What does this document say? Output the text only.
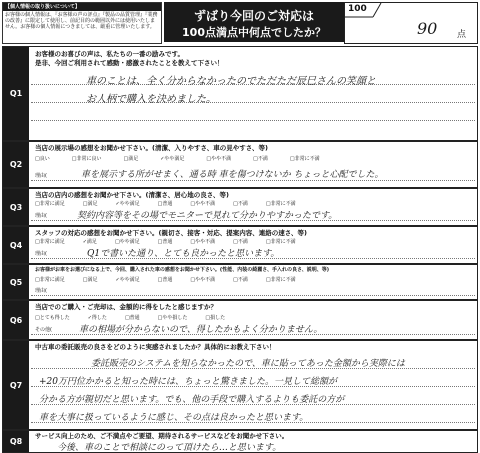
【個人情報の取り扱いについて】
お客様の個人情報は、『お客様の声の評点』『製品の品質管理』『業務の改善』に限定して使用し、前記目的の範囲以外には使用いたしません。お客様の個人情報につきましては、厳重に管理いたします。
ずばり今回のご対応は
100点満点中何点でしたか？
100
90 点
Q1
お客様のお喜びの声は、私たちの一番の励みです。
是非、今回ご利用されて感動・感激されたことを教えて下さい！
車のことは、全く分からなかったのでただただ辰巳さんの笑顔と
お人柄で購入を決めました。
Q2
当店の展示場の感想をお聞かせ下さい。(清潔、入りやすさ、車の見やすさ、等)
□良い	□非常に良い	□満足	✓やや満足	□やや不満	□不満	□非常に不満
理由(	車を展示する所がせまく、通る時 車を傷つけないか ちょっと心配でした。
Q3
当店の店内の感想をお聞かせ下さい。(清潔さ、居心地の良さ、等)
□非常に満足	□満足	✓やや満足	□普通	□やや不満	□不満	□非常に不満
理由(	契約内容等をその場でモニターで見れて分かりやすかったです。
Q4
スタッフの対応の感想をお聞かせ下さい。(親切さ、接客・対応、提案内容、連絡の速さ、等)
□非常に満足	✓満足	□やや満足	□普通	□やや不満	□不満	□非常に不満
理由(	Q1で書いた通り、とても良かったと思います。
Q5
お客様がお車をお選びになる上で、今回、購入された車の感想をお聞かせ下さい。(性能、内装の綺麗さ、手入れの良さ、説明、等)
□非常に満足	□満足	✓やや満足	□普通	□やや不満	□不満	□非常に不満
理由(
Q6
当店でのご購入・ご売却は、金額的に得をしたと感じますか？
□とても得した	✓得した	□普通	□やや損した	□損した
その他(	車の相場が分からないので、得したかもよく分かりません。
Q7
中古車の委託販売の良さをどのように実感されましたか？具体的にお教え下さい！
委託販売のシステムを知らなかったので、車に貼ってあった金額から実際には
+20万円位かかると知った時には、ちょっと驚きました。一見して総額が
分かる方が親切だと思います。でも、他の手段で購入するよりも委託の方が
車を大事に扱っているように感じ、その点は良かったと思います。
Q8
サービス向上のため、ご不満点やご要望、期待されるサービスなどをお聞かせ下さい。
今後、車のことで相談にのって頂けたら…と思います。
